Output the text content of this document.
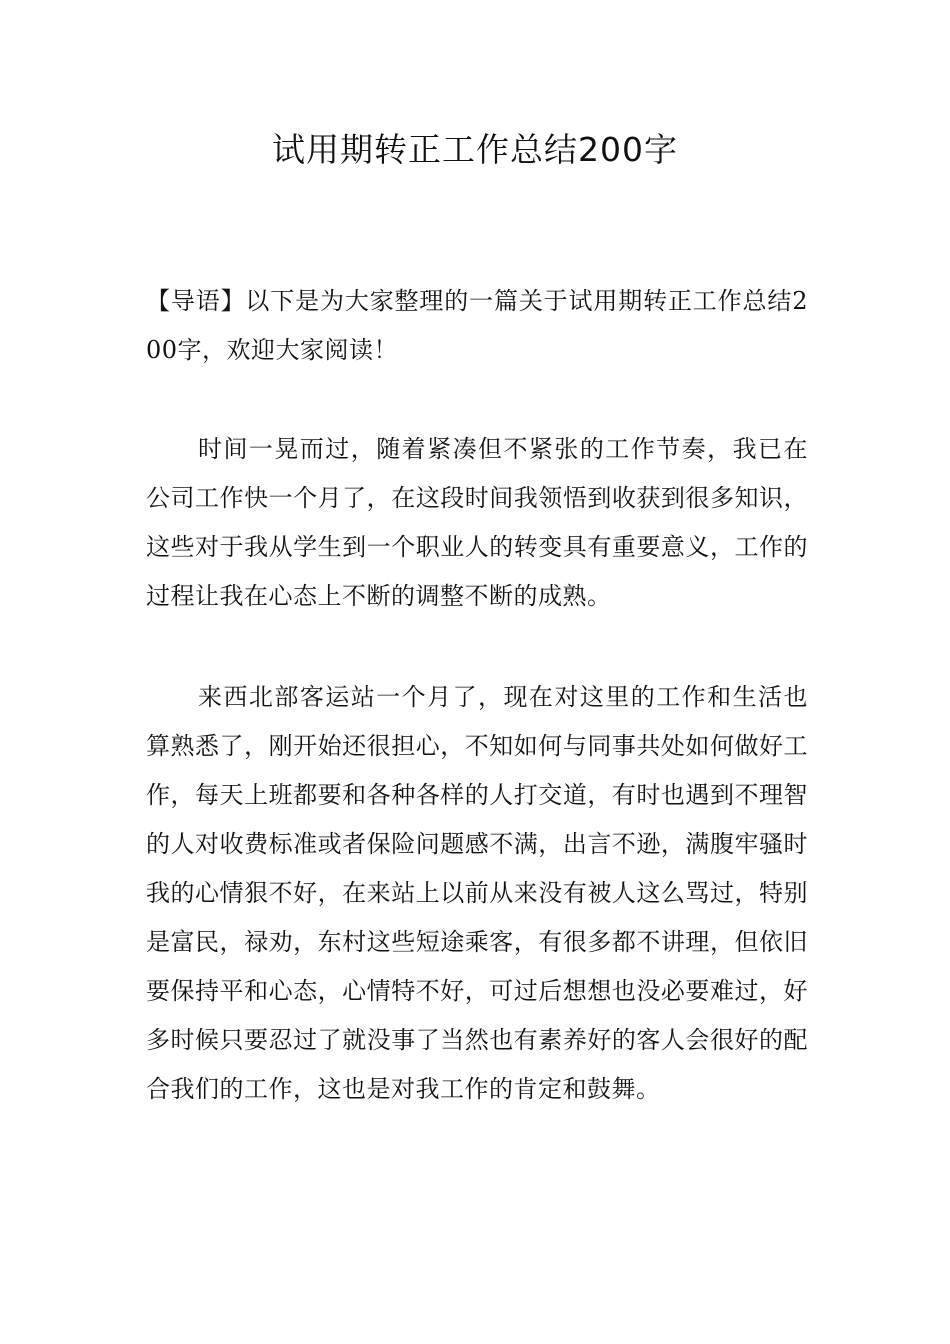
试用期转正工作总结200字

【导语】以下是为大家整理的一篇关于试用期转正工作总结200字，欢迎大家阅读！

时间一晃而过，随着紧凑但不紧张的工作节奏，我已在公司工作快一个月了，在这段时间我领悟到收获到很多知识，这些对于我从学生到一个职业人的转变具有重要意义，工作的过程让我在心态上不断的调整不断的成熟。

来西北部客运站一个月了，现在对这里的工作和生活也算熟悉了，刚开始还很担心，不知如何与同事共处如何做好工作，每天上班都要和各种各样的人打交道，有时也遇到不理智的人对收费标准或者保险问题感不满，出言不逊，满腹牢骚时我的心情狠不好，在来站上以前从来没有被人这么骂过，特别是富民，禄劝，东村这些短途乘客，有很多都不讲理，但依旧要保持平和心态，心情特不好，可过后想想也没必要难过，好多时候只要忍过了就没事了当然也有素养好的客人会很好的配合我们的工作，这也是对我工作的肯定和鼓舞。
